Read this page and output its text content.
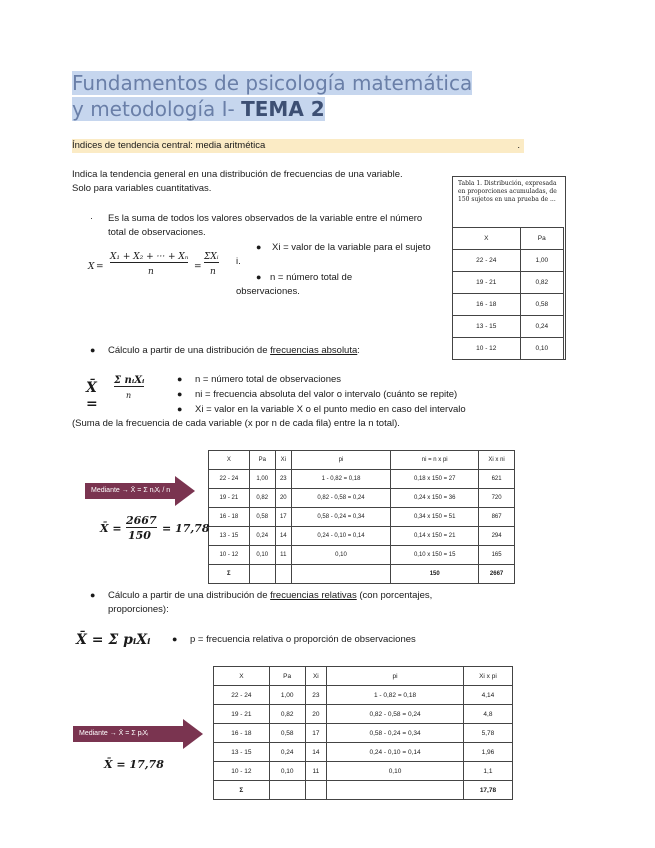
Fundamentos de psicología matemática
y metodología I- TEMA 2
Índices de tendencia central: media aritmética	.
Indica la tendencia general en una distribución de frecuencias de una variable. Solo para variables cuantitativas.
· Es la suma de todos los valores observados de la variable entre el número total de observaciones.
X =
X₁ + X₂ + ··· + Xₙ
n	=
ΣXᵢ
n
●	Xi = valor de la variable para el sujeto i.
● n = número total de observaciones.
Tabla 1. Distribución, expresada en proporciones acumuladas, de 150 sujetos en una prueba de ...
X	Pa
22 - 24	1,00
19 - 21	0,82
16 - 18	0,58
13 - 15	0,24
10 - 12	0,10
● Cálculo a partir de una distribución de frecuencias absoluta:
X̄ =
Σ nᵢXᵢ
n
● n = número total de observaciones
● ni = frecuencia absoluta del valor o intervalo (cuánto se repite)
● Xi = valor en la variable X o el punto medio en caso del intervalo
(Suma de la frecuencia de cada variable (x por n de cada fila) entre la n total).
X	Pa	Xi	pi	ni = n x pi	Xi x ni
22 - 24	1,00	23	1 - 0,82 = 0,18	0,18 x 150 = 27	621
19 - 21	0,82	20	0,82 - 0,58 = 0,24	0,24 x 150 = 36	720
16 - 18	0,58	17	0,58 - 0,24 = 0,34	0,34 x 150 = 51	867
13 - 15	0,24	14	0,24 - 0,10 = 0,14	0,14 x 150 = 21	294
10 - 12	0,10	11	0,10	0,10 x 150 = 15	165
Σ				150	2667
Mediante → X̄ = Σ nᵢXᵢ / n
X̄ =
2667
150
= 17,78
● Cálculo a partir de una distribución de frecuencias relativas (con porcentajes, proporciones):
X̄ = Σ pᵢXᵢ ● p = frecuencia relativa o proporción de observaciones
X	Pa	Xi	pi	Xi x pi
22 - 24	1,00	23	1 - 0,82 = 0,18	4,14
19 - 21	0,82	20	0,82 - 0,58 = 0,24	4,8
16 - 18	0,58	17	0,58 - 0,24 = 0,34	5,78
13 - 15	0,24	14	0,24 - 0,10 = 0,14	1,96
10 - 12	0,10	11	0,10	1,1
Σ				17,78
Mediante → X̄ = Σ pᵢXᵢ
X̄ = 17,78
